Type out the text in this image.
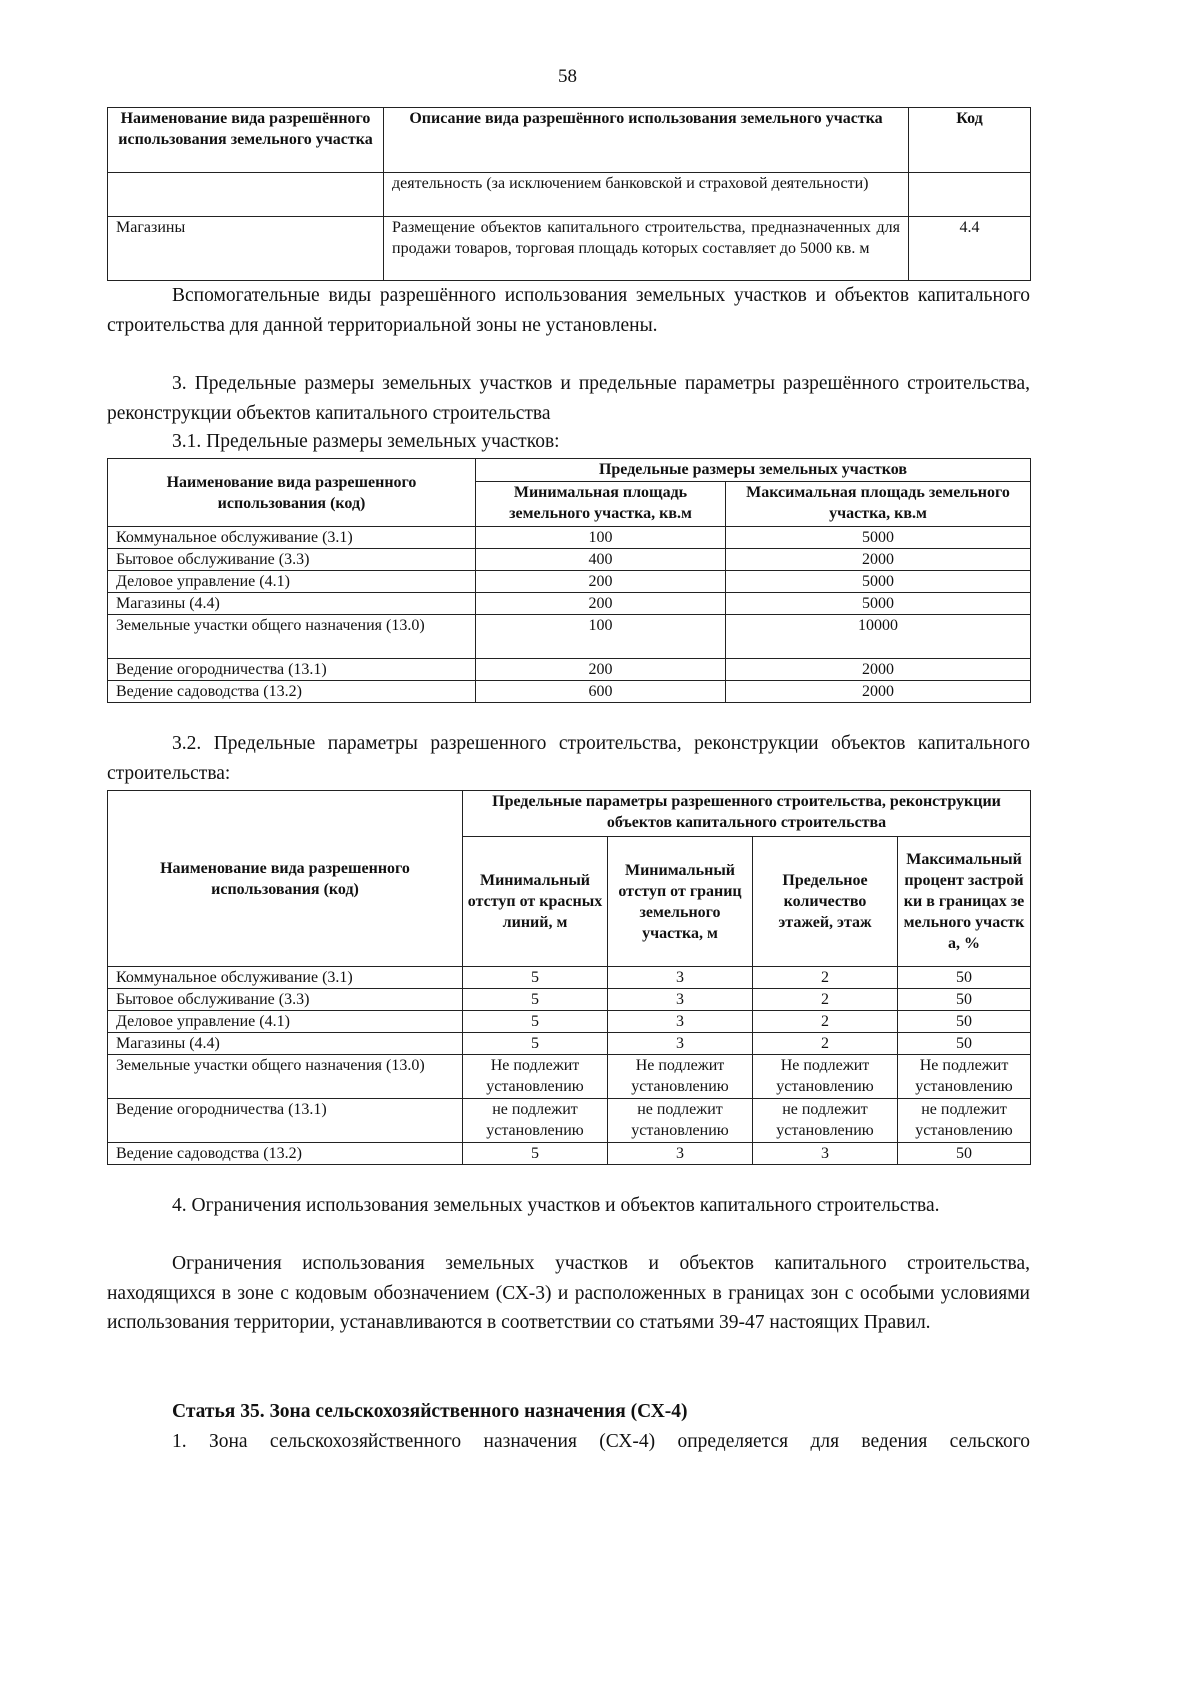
58
Наименование вида разрешённого использования земельного участка	Описание вида разрешённого использования земельного участка	Код
	деятельность (за исключением банковской и страховой деятельности)	
Магазины	Размещение объектов капитального строительства, предназначенных для продажи товаров, торговая площадь которых составляет до 5000 кв. м	4.4
Вспомогательные виды разрешённого использования земельных участков и объектов капитального строительства для данной территориальной зоны не установлены.
3. Предельные размеры земельных участков и предельные параметры разрешённого строительства, реконструкции объектов капитального строительства
3.1. Предельные размеры земельных участков:
Наименование вида разрешенного использования (код)	Предельные размеры земельных участков	
	Минимальная площадь земельного участка, кв.м	Максимальная площадь земельного участка, кв.м
Коммунальное обслуживание (3.1)	100	5000
Бытовое обслуживание (3.3)	400	2000
Деловое управление (4.1)	200	5000
Магазины (4.4)	200	5000
Земельные участки общего назначения (13.0)	100	10000
Ведение огородничества (13.1)	200	2000
Ведение садоводства (13.2)	600	2000
3.2. Предельные параметры разрешенного строительства, реконструкции объектов капитального строительства:
Наименование вида разрешенного использования (код)	Предельные параметры разрешенного строительства, реконструкции объектов капитального строительства			
	Минимальный отступ от красных линий, м	Минимальный отступ от границ земельного участка, м	Предельное количество этажей, этаж	Максимальный процент застройки в границах земельного участка, %
Коммунальное обслуживание (3.1)	5	3	2	50
Бытовое обслуживание (3.3)	5	3	2	50
Деловое управление (4.1)	5	3	2	50
Магазины (4.4)	5	3	2	50
Земельные участки общего назначения (13.0)	Не подлежит установлению	Не подлежит установлению	Не подлежит установлению	Не подлежит установлению
Ведение огородничества (13.1)	не подлежит установлению	не подлежит установлению	не подлежит установлению	не подлежит установлению
Ведение садоводства (13.2)	5	3	3	50
4. Ограничения использования земельных участков и объектов капитального строительства.
Ограничения использования земельных участков и объектов капитального строительства, находящихся в зоне с кодовым обозначением (СХ-3) и расположенных в границах зон с особыми условиями использования территории, устанавливаются в соответствии со статьями 39-47 настоящих Правил.
Статья 35. Зона сельскохозяйственного назначения (СХ-4)
1. Зона сельскохозяйственного назначения (СХ-4) определяется для ведения сельского
